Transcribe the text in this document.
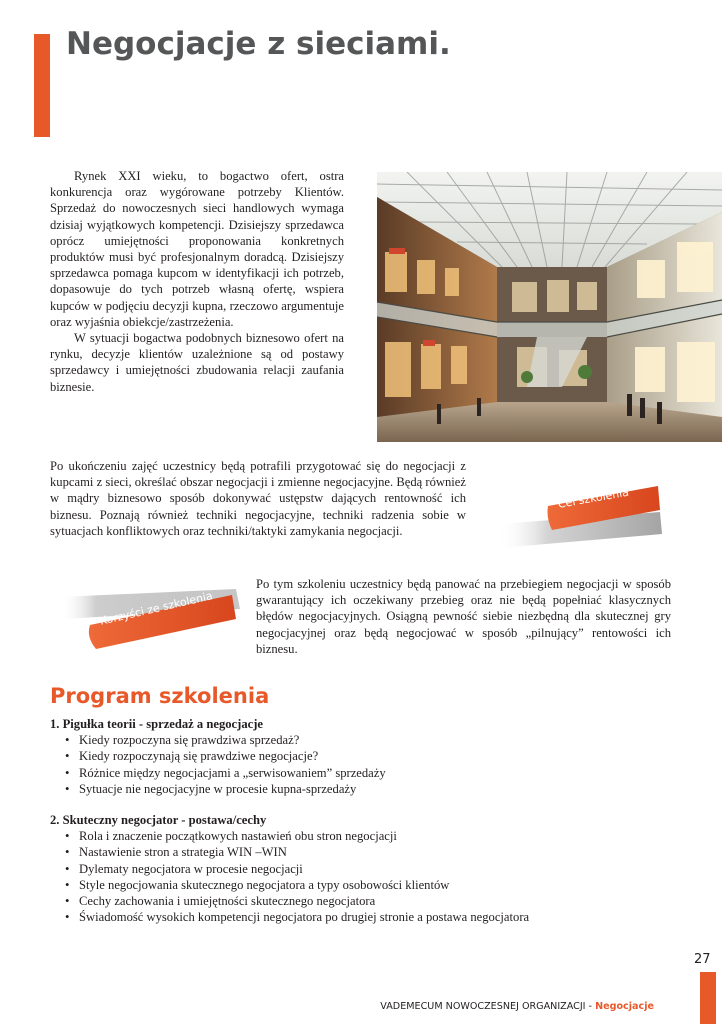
Negocjacje z sieciami.

Rynek XXI wieku, to bogactwo ofert, ostra konkurencja oraz wygórowane potrzeby Klientów. Sprzedaż do nowoczesnych sieci handlowych wymaga dzisiaj wyjątkowych kompetencji. Dzisiejszy sprzedawca oprócz umiejętności proponowania konkretnych produktów musi być profesjonalnym doradcą. Dzisiejszy sprzedawca pomaga kupcom w identyfikacji ich potrzeb, dopasowuje do tych potrzeb własną ofertę, wspiera kupców w podjęciu decyzji kupna, rzeczowo argumentuje oraz wyjaśnia obiekcje/zastrzeżenia.

W sytuacji bogactwa podobnych biznesowo ofert na rynku, decyzje klientów uzależnione są od postawy sprzedawcy i umiejętności zbudowania relacji zaufania biznesie.

Po ukończeniu zajęć uczestnicy będą potrafili przygotować się do negocjacji z kupcami z sieci, określać obszar negocjacji i zmienne negocjacyjne. Będą również w mądry biznesowo sposób dokonywać ustępstw dających rentowność ich biznesu. Poznają również techniki negocjacyjne, techniki radzenia sobie w sytuacjach konfliktowych oraz techniki/taktyki zamykania negocjacji.

Cel szkolenia
Korzyści ze szkolenia

Po tym szkoleniu uczestnicy będą panować na przebiegiem negocjacji w sposób gwarantujący ich oczekiwany przebieg oraz nie będą popełniać klasycznych błędów negocjacyjnych. Osiągną pewność siebie niezbędną dla skutecznej gry negocjacyjnej oraz będą negocjować w sposób „pilnujący” rentowości ich biznesu.

Program szkolenia

1. Pigułka teorii - sprzedaż a negocjacje

• Kiedy rozpoczyna się prawdziwa sprzedaż?
• Kiedy rozpoczynają się prawdziwe negocjacje?
• Różnice między negocjacjami a „serwisowaniem” sprzedaży
• Sytuacje nie negocjacyjne w procesie kupna-sprzedaży

2. Skuteczny negocjator - postawa/cechy

• Rola i znaczenie początkowych nastawień obu stron negocjacji
• Nastawienie stron a strategia WIN –WIN
• Dylematy negocjatora w procesie negocjacji
• Style negocjowania skutecznego negocjatora a typy osobowości klientów
• Cechy zachowania i umiejętności skutecznego negocjatora
• Świadomość wysokich kompetencji negocjatora po drugiej stronie a postawa negocjatora
27
VADEMECUM NOWOCZESNEJ ORGANIZACJI - Negocjacje
